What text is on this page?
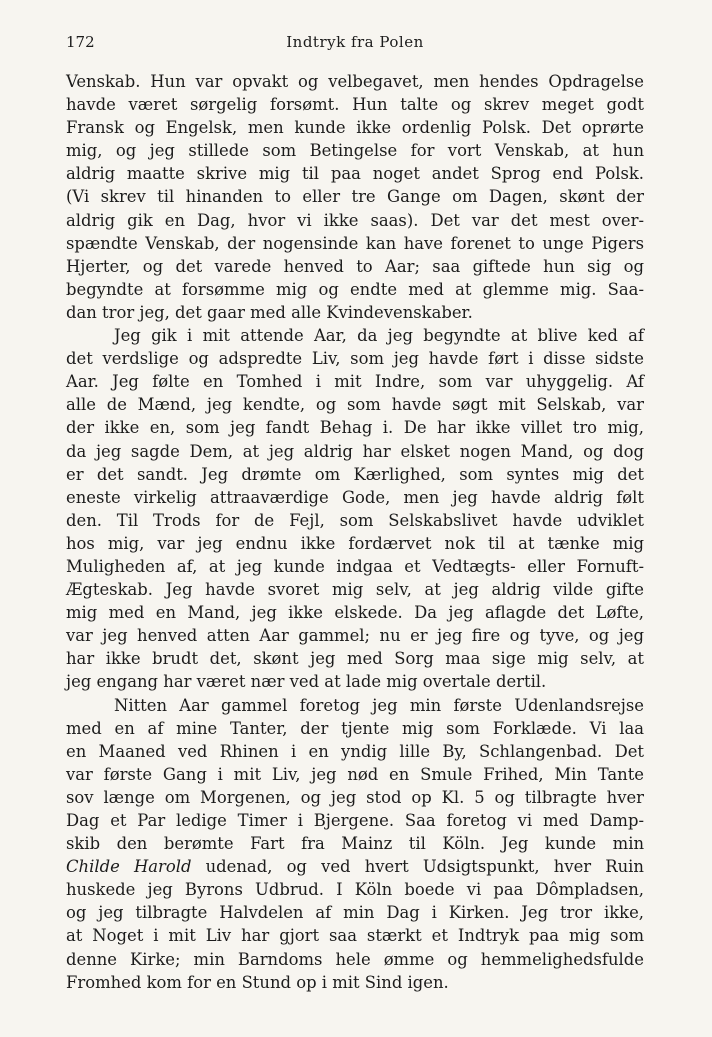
172	Indtryk fra Polen
Venskab. Hun var opvakt og velbegavet, men hendes Opdragelse
havde været sørgelig forsømt. Hun talte og skrev meget godt
Fransk og Engelsk, men kunde ikke ordenlig Polsk. Det oprørte
mig, og jeg stillede som Betingelse for vort Venskab, at hun
aldrig maatte skrive mig til paa noget andet Sprog end Polsk.
(Vi skrev til hinanden to eller tre Gange om Dagen, skønt der
aldrig gik en Dag, hvor vi ikke saas). Det var det mest over-
spændte Venskab, der nogensinde kan have forenet to unge Pigers
Hjerter, og det varede henved to Aar; saa giftede hun sig og
begyndte at forsømme mig og endte med at glemme mig. Saa-
dan tror jeg, det gaar med alle Kvindevenskaber.
Jeg gik i mit attende Aar, da jeg begyndte at blive ked af
det verdslige og adspredte Liv, som jeg havde ført i disse sidste
Aar. Jeg følte en Tomhed i mit Indre, som var uhyggelig. Af
alle de Mænd, jeg kendte, og som havde søgt mit Selskab, var
der ikke en, som jeg fandt Behag i. De har ikke villet tro mig,
da jeg sagde Dem, at jeg aldrig har elsket nogen Mand, og dog
er det sandt. Jeg drømte om Kærlighed, som syntes mig det
eneste virkelig attraaværdige Gode, men jeg havde aldrig følt
den. Til Trods for de Fejl, som Selskabslivet havde udviklet
hos mig, var jeg endnu ikke fordærvet nok til at tænke mig
Muligheden af, at jeg kunde indgaa et Vedtægts- eller Fornuft-
Ægteskab. Jeg havde svoret mig selv, at jeg aldrig vilde gifte
mig med en Mand, jeg ikke elskede. Da jeg aflagde det Løfte,
var jeg henved atten Aar gammel; nu er jeg fire og tyve, og jeg
har ikke brudt det, skønt jeg med Sorg maa sige mig selv, at
jeg engang har været nær ved at lade mig overtale dertil.
Nitten Aar gammel foretog jeg min første Udenlandsrejse
med en af mine Tanter, der tjente mig som Forklæde. Vi laa
en Maaned ved Rhinen i en yndig lille By, Schlangenbad. Det
var første Gang i mit Liv, jeg nød en Smule Frihed, Min Tante
sov længe om Morgenen, og jeg stod op Kl. 5 og tilbragte hver
Dag et Par ledige Timer i Bjergene. Saa foretog vi med Damp-
skib den berømte Fart fra Mainz til Köln. Jeg kunde min
Childe Harold udenad, og ved hvert Udsigtspunkt, hver Ruin
huskede jeg Byrons Udbrud. I Köln boede vi paa Dômpladsen,
og jeg tilbragte Halvdelen af min Dag i Kirken. Jeg tror ikke,
at Noget i mit Liv har gjort saa stærkt et Indtryk paa mig som
denne Kirke; min Barndoms hele ømme og hemmelighedsfulde
Fromhed kom for en Stund op i mit Sind igen.
